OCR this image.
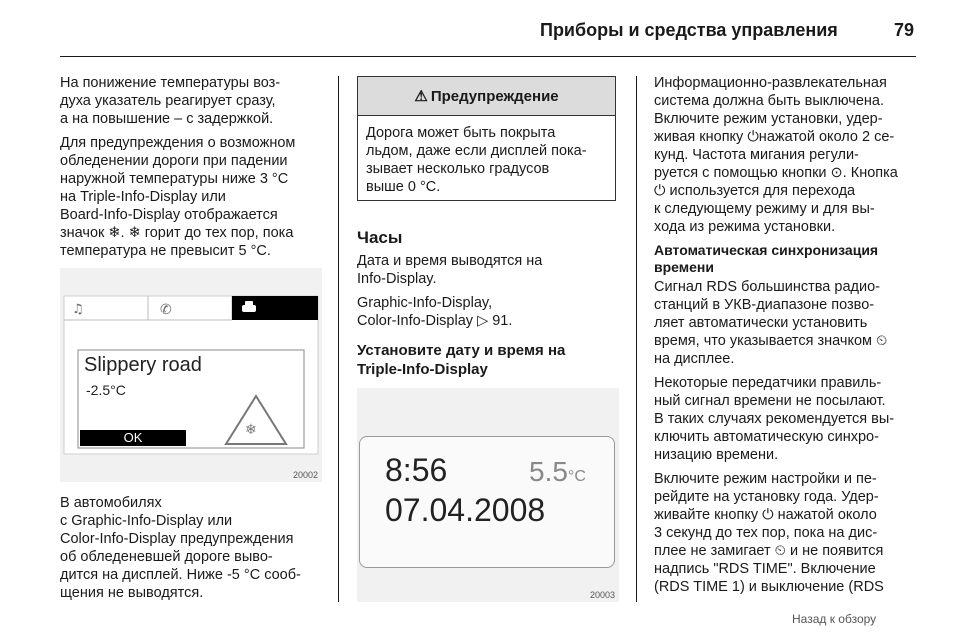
Приборы и средства управления	79

На понижение температуры воз-
духа указатель реагирует сразу,
а на повышение – с задержкой.

Для предупреждения о возможном
обледенении дороги при падении
наружной температуры ниже 3 °C
на Triple-Info-Display или
Board-Info-Display отображается
значок ❄. ❄ горит до тех пор, пока
температура не превысит 5 °C.

♫	✆
❄
Slippery road
-2.5°C
OK
20002

В автомобилях
с Graphic-Info-Display или
Color-Info-Display предупреждения
об обледеневшей дороге выво-
дится на дисплей. Ниже -5 °C сооб-
щения не выводятся.

⚠ Предупреждение
Дорога может быть покрыта
льдом, даже если дисплей пока-
зывает несколько градусов
выше 0 °C.
Часы

Дата и время выводятся на
Info-Display.

Graphic-Info-Display,
Color-Info-Display ▷ 91.

Установите дату и время на
Triple-Info-Display
8:56	5.5°C
07.04.2008
20003

Информационно-развлекательная
система должна быть выключена.
Включите режим установки, удер-
живая кнопку ⏻нажатой около 2 се-
кунд. Частота мигания регули-
руется с помощью кнопки ⊙. Кнопка
⏻ используется для перехода
к следующему режиму и для вы-
хода из режима установки.

Автоматическая синхронизация
времени

Сигнал RDS большинства радио-
станций в УКВ-диапазоне позво-
ляет автоматически установить
время, что указывается значком ⏲
на дисплее.

Некоторые передатчики правиль-
ный сигнал времени не посылают.
В таких случаях рекомендуется вы-
ключить автоматическую синхро-
низацию времени.

Включите режим настройки и пе-
рейдите на установку года. Удер-
живайте кнопку ⏻ нажатой около
3 секунд до тех пор, пока на дис-
плее не замигает ⏲ и не появится
надпись "RDS TIME". Включение
(RDS TIME 1) и выключение (RDS

Назад к обзору
